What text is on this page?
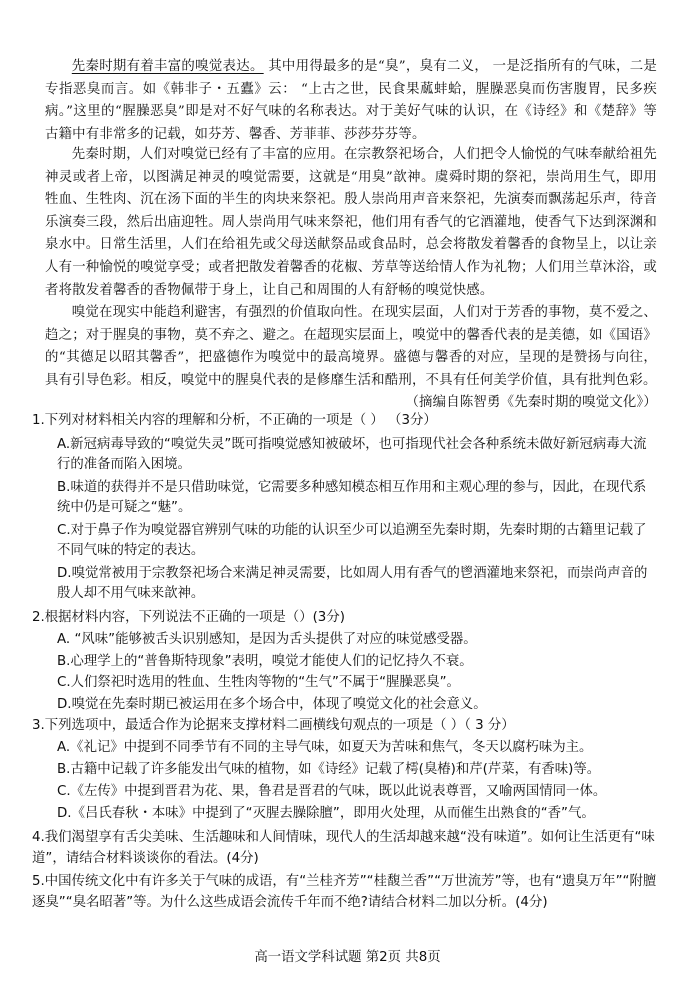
先秦时期有着丰富的嗅觉表达。 其中用得最多的是“臭”，臭有二义， 一是泛指所有的气味，二是专指恶臭而言。如《韩非子・五蠹》云： “上古之世，民食果蓏蚌蛤，腥臊恶臭而伤害腹胃，民多疾病。”这里的“腥臊恶臭”即是对不好气味的名称表达。对于美好气味的认识，在《诗经》和《楚辞》等古籍中有非常多的记载，如芬芳、馨香、芳菲菲、莎莎芬芬等。
先秦时期，人们对嗅觉已经有了丰富的应用。在宗教祭祀场合，人们把令人愉悦的气味奉献给祖先神灵或者上帝，以图满足神灵的嗅觉需要，这就是“用臭”歆神。虞舜时期的祭祀，崇尚用生气，即用牲血、生牲肉、沉在汤下面的半生的肉块来祭祀。殷人崇尚用声音来祭祀，先演奏而飘荡起乐声，待音乐演奏三段，然后出庙迎牲。周人崇尚用气味来祭祀，他们用有香气的它酒灌地，使香气下达到深渊和泉水中。日常生活里，人们在给祖先或父母送献祭品或食品时，总会将散发着馨香的食物呈上，以让亲人有一种愉悦的嗅觉享受；或者把散发着馨香的花椒、芳草等送给情人作为礼物；人们用兰草沐浴，或者将散发着馨香的香物佩带于身上，让自己和周围的人有舒畅的嗅觉快感。
嗅觉在现实中能趋利避害，有强烈的价值取向性。在现实层面，人们对于芳香的事物，莫不爱之、趋之；对于腥臭的事物，莫不弃之、避之。在超现实层面上，嗅觉中的馨香代表的是美德，如《国语》的“其德足以昭其馨香”，把盛德作为嗅觉中的最高境界。盛德与馨香的对应，呈现的是赞扬与向往，具有引导色彩。相反，嗅觉中的腥臭代表的是修靡生活和酷刑，不具有任何美学价值，具有批判色彩。
（摘编自陈智勇《先秦时期的嗅觉文化》）
1.下列对材料相关内容的理解和分析，不正确的一项是（ ） （3分）
A.新冠病毒导致的“嗅觉失灵”既可指嗅觉感知被破坏，也可指现代社会各种系统未做好新冠病毒大流行的准备而陷入困境。
B.味道的获得并不是只借助味觉，它需要多种感知模态相互作用和主观心理的参与，因此，在现代系统中仍是可疑之“魅”。
C.对于鼻子作为嗅觉器官辨别气味的功能的认识至少可以追溯至先秦时期，先秦时期的古籍里记载了不同气味的特定的表达。
D.嗅觉常被用于宗教祭祀场合来满足神灵需要，比如周人用有香气的鬯酒灌地来祭祀，而崇尚声音的殷人却不用气味来歆神。
2.根据材料内容，下列说法不正确的一项是（）(3分)
A. “风味”能够被舌头识别感知，是因为舌头提供了对应的味觉感受器。
B.心理学上的“普鲁斯特现象”表明，嗅觉才能使人们的记忆持久不衰。
C.人们祭祀时选用的牲血、生牲肉等物的“生气”不属于“腥臊恶臭”。
D.嗅觉在先秦时期已被运用在多个场合中，体现了嗅觉文化的社会意义。
3.下列选项中，最适合作为论据来支撑材料二画横线句观点的一项是（ ）（ 3 分）
A.《礼记》中提到不同季节有不同的主导气味，如夏天为苦味和焦气，冬天以腐朽味为主。
B.古籍中记载了许多能发出气味的植物，如《诗经》记载了樗(臭椿)和芹(芹菜，有香味)等。
C.《左传》中提到晋君为花、果，鲁君是晋君的气味，既以此说表尊晋，又喻两国情同一体。
D.《吕氏春秋・本味》中提到了“灭腥去臊除膻”，即用火处理，从而催生出熟食的“香”气。
4.我们渴望享有舌尖美味、生活趣味和人间情味，现代人的生活却越来越“没有味道”。如何让生活更有“味道”，请结合材料谈谈你的看法。(4分)
5.中国传统文化中有许多关于气味的成语，有“兰桂齐芳”“桂馥兰香”“万世流芳”等，也有“遗臭万年”“附膻逐臭”“臭名昭著”等。为什么这些成语会流传千年而不绝?请结合材料二加以分析。(4分)
高一语文学科试题 第2页 共8页
